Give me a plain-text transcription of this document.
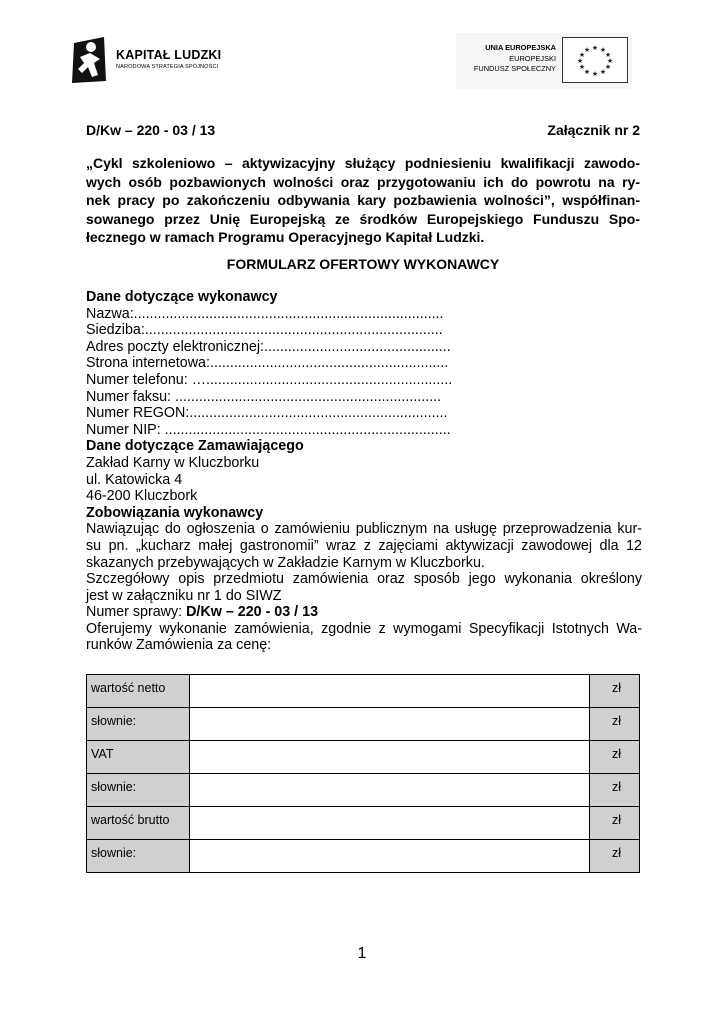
KAPITAŁ LUDZKI
NARODOWA STRATEGIA SPÓJNOŚCI
UNIA EUROPEJSKA
EUROPEJSKI
FUNDUSZ SPOŁECZNY
★ ★
★
★
★
★
★
★
★
★
★
★
D/Kw – 220 - 03 / 13	Załącznik nr 2
„Cykl szkoleniowo – aktywizacyjny służący podniesieniu kwalifikacji zawodo-
wych osób pozbawionych wolności oraz przygotowaniu ich do powrotu na ry-
nek pracy po zakończeniu odbywania kary pozbawienia wolności”, współfinan-
sowanego przez Unię Europejską ze środków Europejskiego Funduszu Spo-
łecznego w ramach Programu Operacyjnego Kapitał Ludzki.
FORMULARZ OFERTOWY WYKONAWCY
Dane dotyczące wykonawcy
Nazwa:..............................................................................
Siedziba:...........................................................................
Adres poczty elektronicznej:...............................................
Strona internetowa:............................................................
Numer telefonu: …..............................................................
Numer faksu: ...................................................................
Numer REGON:.................................................................
Numer NIP: ........................................................................
Dane dotyczące Zamawiającego
Zakład Karny w Kluczborku
ul. Katowicka 4
46-200 Kluczbork
Zobowiązania wykonawcy
Nawiązując do ogłoszenia o zamówieniu publicznym na usługę przeprowadzenia kur-
su pn. „kucharz małej gastronomii” wraz z zajęciami aktywizacji zawodowej dla 12
skazanych przebywających w Zakładzie Karnym w Kluczborku.
Szczegółowy opis przedmiotu zamówienia oraz sposób jego wykonania określony
jest w załączniku nr 1 do SIWZ
Numer sprawy: D/Kw – 220 - 03 / 13
Oferujemy wykonanie zamówienia, zgodnie z wymogami Specyfikacji Istotnych Wa-
runków Zamówienia za cenę:
wartość netto		zł
słownie:		zł
VAT		zł
słownie:		zł
wartość brutto		zł
słownie:		zł
1
